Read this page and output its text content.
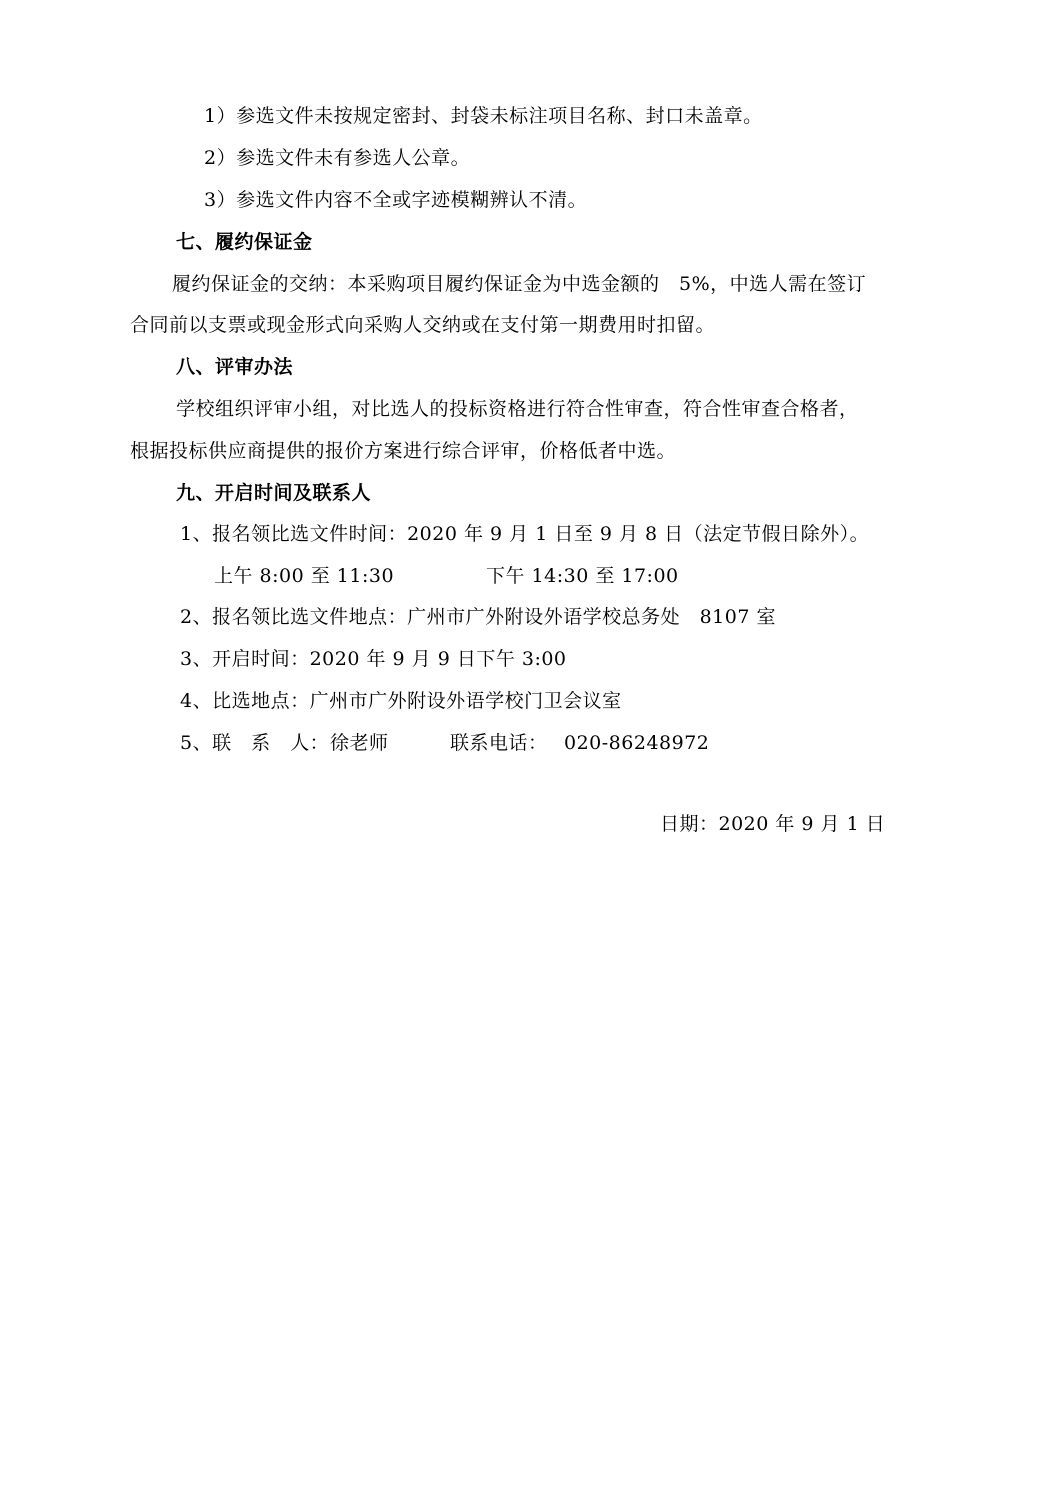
1）参选文件未按规定密封、封袋未标注项目名称、封口未盖章。
2）参选文件未有参选人公章。
3）参选文件内容不全或字迹模糊辨认不清。
七、履约保证金
履约保证金的交纳：本采购项目履约保证金为中选金额的　5%，中选人需在签订
合同前以支票或现金形式向采购人交纳或在支付第一期费用时扣留。
八、评审办法
学校组织评审小组，对比选人的投标资格进行符合性审查，符合性审查合格者，
根据投标供应商提供的报价方案进行综合评审，价格低者中选。
九、开启时间及联系人
1、报名领比选文件时间：2020 年 9 月 1 日至 9 月 8 日（法定节假日除外）。
上午 8:00 至 11:30	下午 14:30 至 17:00
2、报名领比选文件地点：广州市广外附设外语学校总务处　8107 室
3、开启时间：2020 年 9 月 9 日下午 3:00
4、比选地点：广州市广外附设外语学校门卫会议室
5、联　系　人： 徐老师	联系电话： 020-86248972
日期：2020 年 9 月 1 日
